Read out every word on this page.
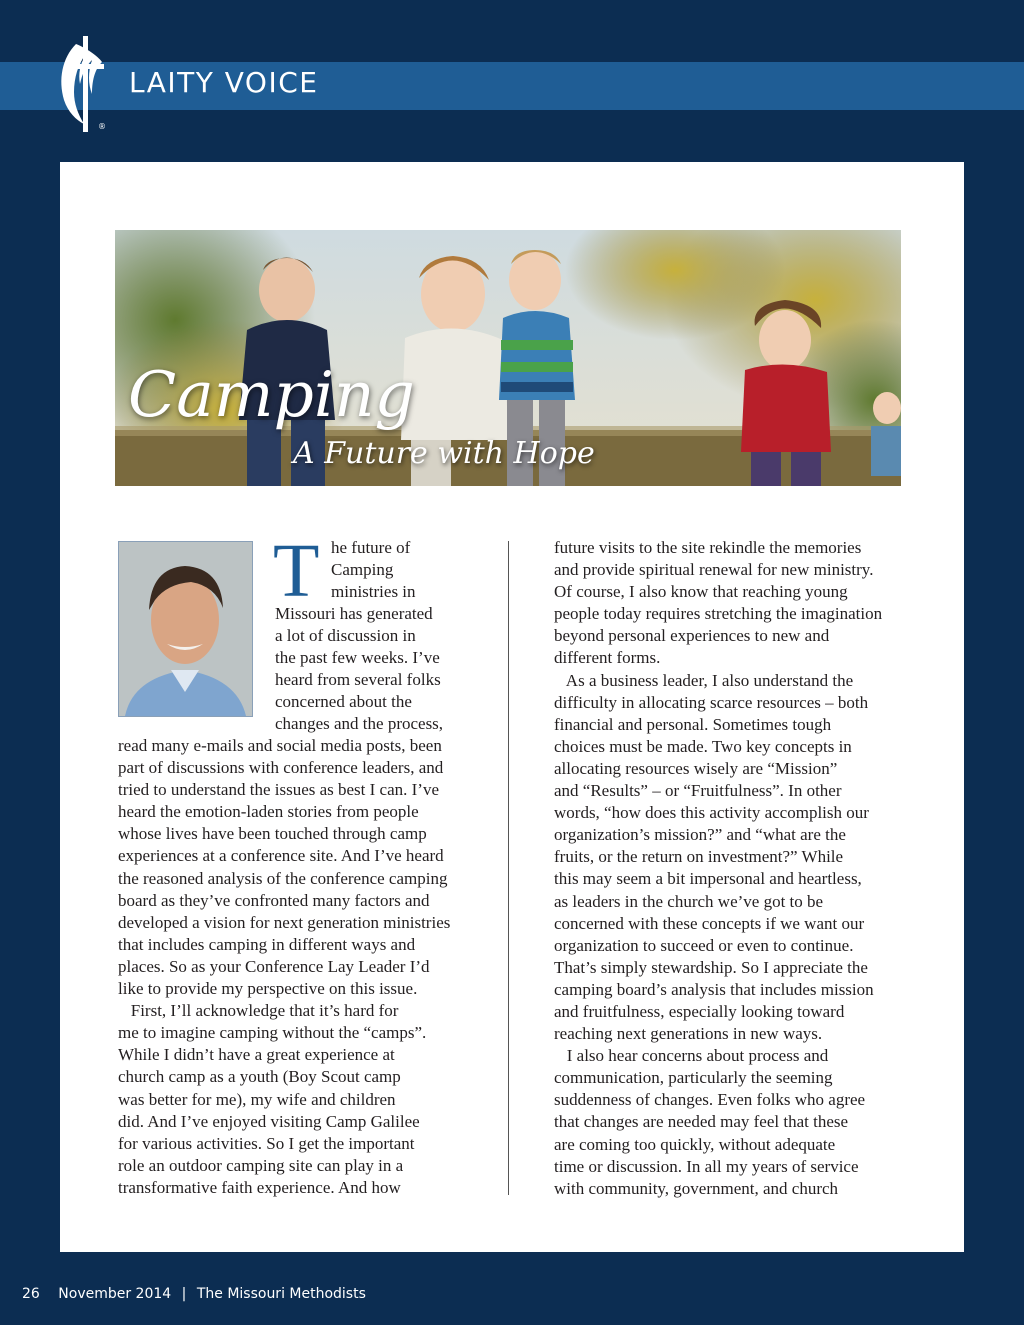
®
LAITY VOICE
Camping
A Future with Hope
T he future of

Camping

ministries in

Missouri has generated

a lot of discussion in

the past few weeks. I’ve

heard from several folks

concerned about the

changes and the process,

read many e-mails and social media posts, been

part of discussions with conference leaders, and

tried to understand the issues as best I can. I’ve

heard the emotion-laden stories from people

whose lives have been touched through camp

experiences at a conference site. And I’ve heard

the reasoned analysis of the conference camping

board as they’ve confronted many factors and

developed a vision for next generation ministries

that includes camping in different ways and

places. So as your Conference Lay Leader I’d

like to provide my perspective on this issue.

First, I’ll acknowledge that it’s hard for

me to imagine camping without the “camps”.

While I didn’t have a great experience at

church camp as a youth (Boy Scout camp

was better for me), my wife and children

did. And I’ve enjoyed visiting Camp Galilee

for various activities. So I get the important

role an outdoor camping site can play in a

transformative faith experience. And how

future visits to the site rekindle the memories

and provide spiritual renewal for new ministry.

Of course, I also know that reaching young

people today requires stretching the imagination

beyond personal experiences to new and

different forms.

As a business leader, I also understand the

difficulty in allocating scarce resources – both

financial and personal. Sometimes tough

choices must be made. Two key concepts in

allocating resources wisely are “Mission”

and “Results” – or “Fruitfulness”. In other

words, “how does this activity accomplish our

organization’s mission?” and “what are the

fruits, or the return on investment?” While

this may seem a bit impersonal and heartless,

as leaders in the church we’ve got to be

concerned with these concepts if we want our

organization to succeed or even to continue.

That’s simply stewardship. So I appreciate the

camping board’s analysis that includes mission

and fruitfulness, especially looking toward

reaching next generations in new ways.

I also hear concerns about process and

communication, particularly the seeming

suddenness of changes. Even folks who agree

that changes are needed may feel that these

are coming too quickly, without adequate

time or discussion. In all my years of service

with community, government, and church

26 November 2014 | The Missouri Methodists
